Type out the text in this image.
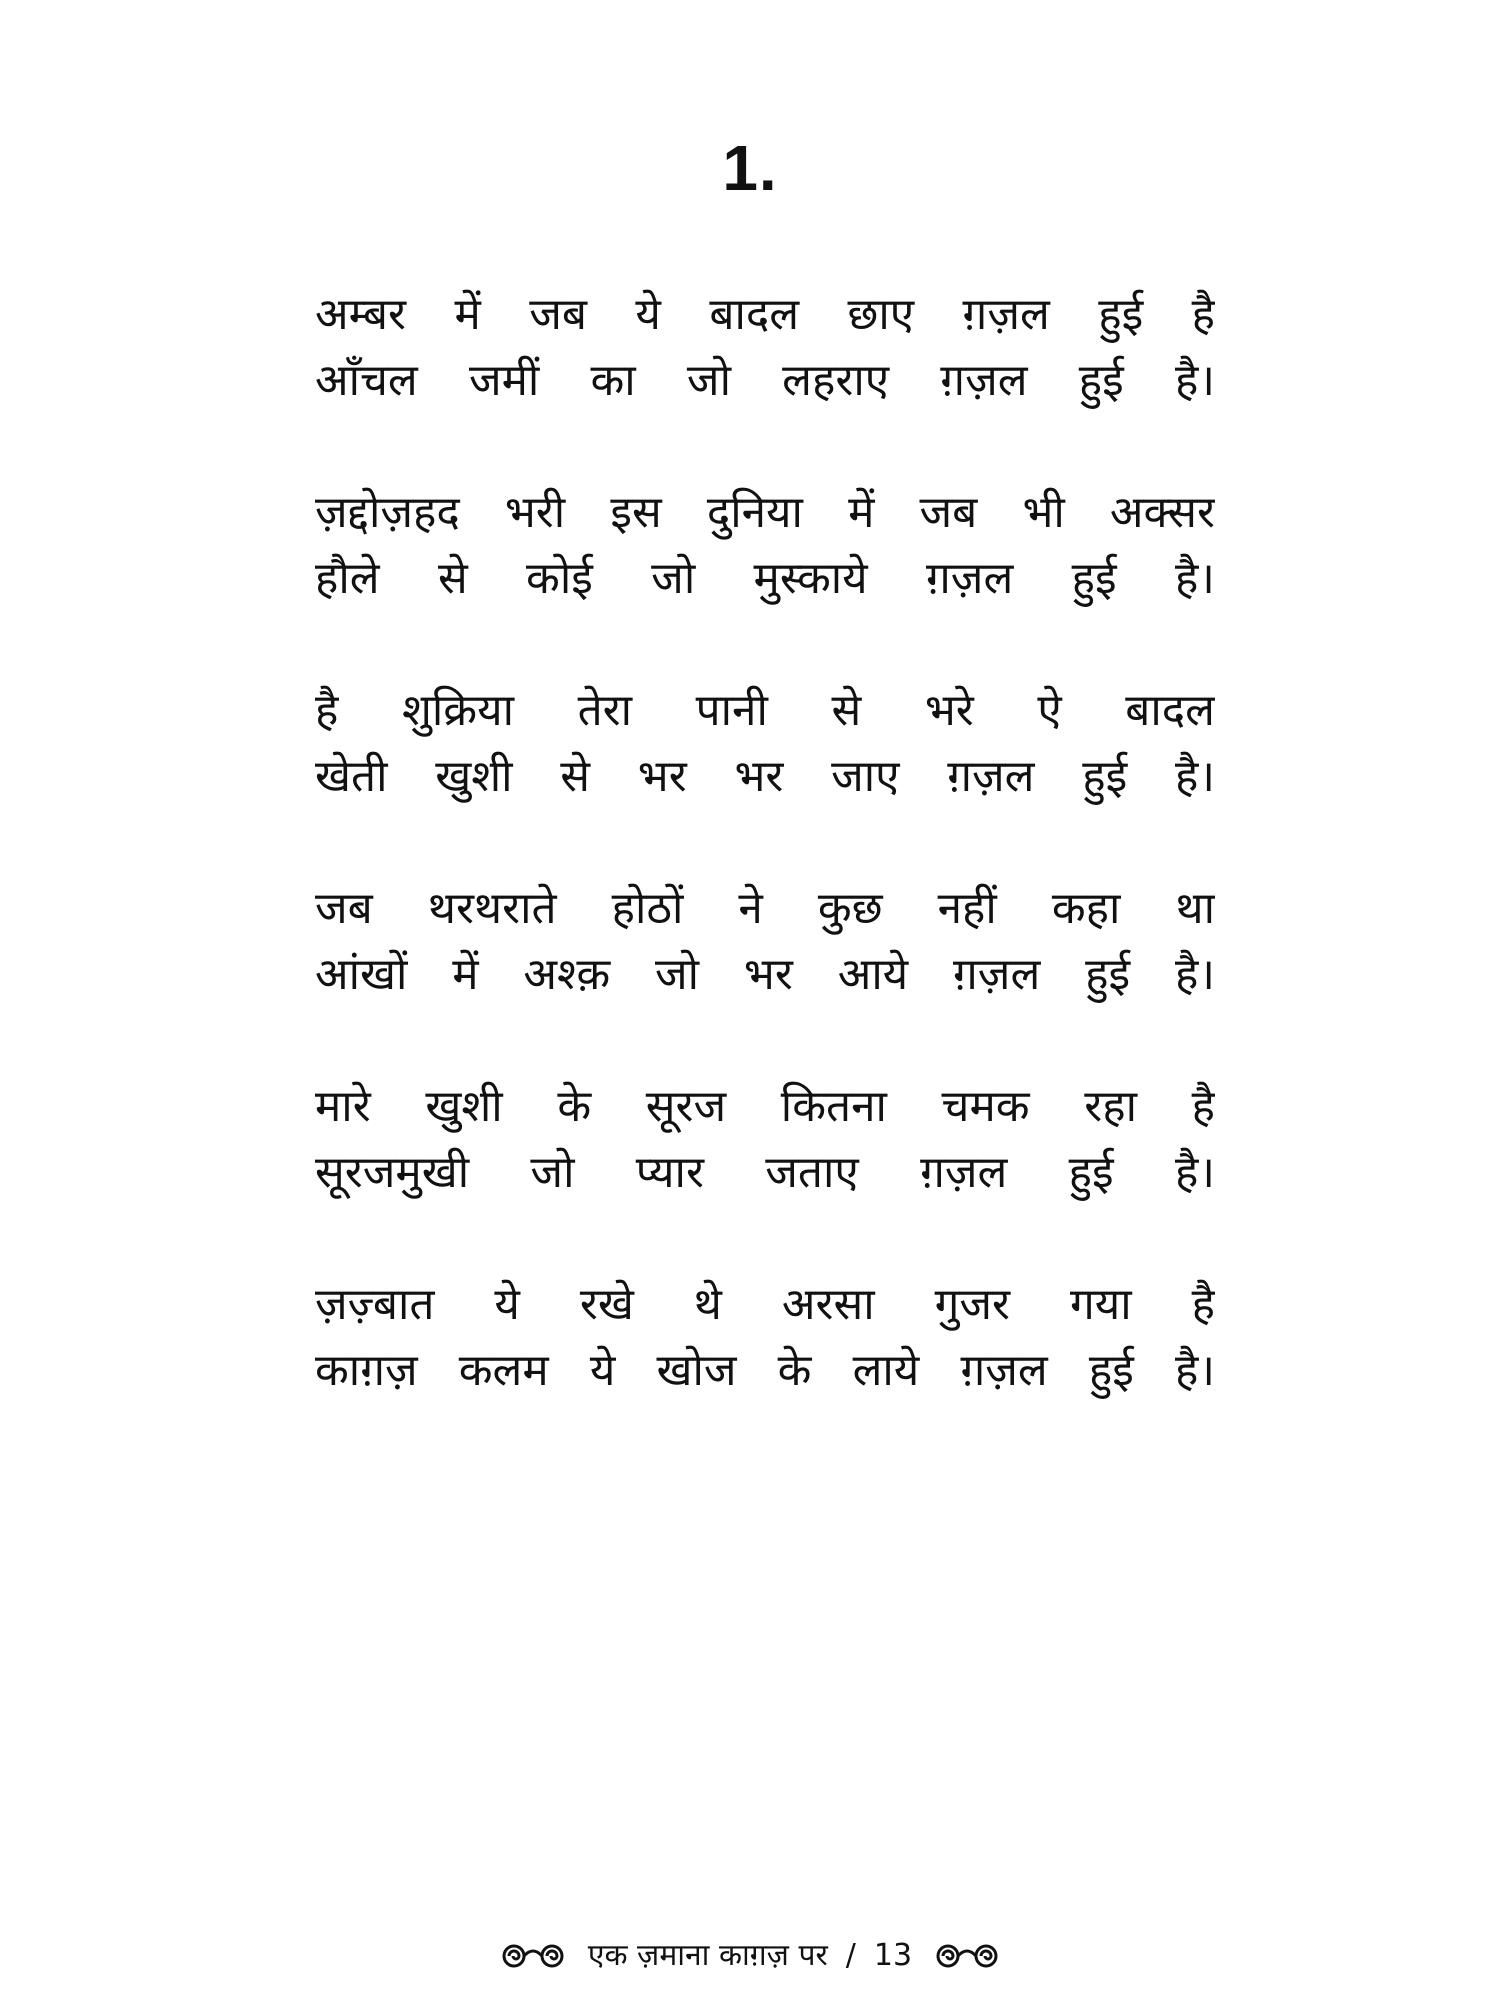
1.
अम्बर में जब ये बादल छाए ग़ज़ल हुई है
आँचल जमीं का जो लहराए ग़ज़ल हुई है।
ज़द्दोज़हद भरी इस दुनिया में जब भी अक्सर
हौले से कोई जो मुस्काये ग़ज़ल हुई है।
है शुक्रिया तेरा पानी से भरे ऐ बादल
खेती खुशी से भर भर जाए ग़ज़ल हुई है।
जब थरथराते होठों ने कुछ नहीं कहा था
आंखों में अश्क़ जो भर आये ग़ज़ल हुई है।
मारे खुशी के सूरज कितना चमक रहा है
सूरजमुखी जो प्यार जताए ग़ज़ल हुई है।
ज़ज़्बात ये रखे थे अरसा गुजर गया है
काग़ज़ कलम ये खोज के लाये ग़ज़ल हुई है।
एक ज़माना काग़ज़ पर / 13
